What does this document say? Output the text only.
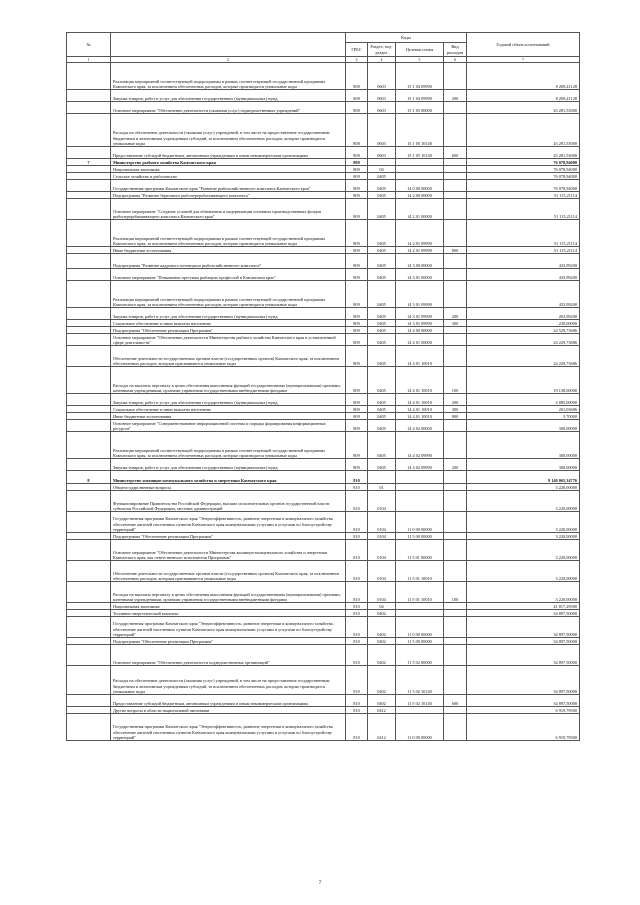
№		Коды				Годовой объем ассигнований
		ГРБС	Раздел, под-раздел	Целевая статья	Вид расходов	
1	2	3	4	5	6	7
	Реализация мероприятий соответствующей подпрограммы в рамках соответствующей государственной программы Камчатского края, за исключением обеспеченных расходов, которые производятся уникальные коды	808	0603	15 1 04 09990		8 208,41128
	Закупка товаров, работ и услуг для обеспечения государственных (муниципальных) нужд	808	0603	15 1 04 09990	200	8 208,41128
	Основное мероприятие "Обеспечение деятельности (оказания услуг) подведомственных учреждений"	808	0603	15 1 05 00000		43 281,53000
	Расходы на обеспечение деятельности (оказания услуг) учреждений, в том числе на предоставление государственным бюджетным и автономным учреждениям субсидий, за исключением обеспеченных расходов, которые производятся уникальные коды	808	0603	15 1 05 10140		43 281,53000
	Предоставление субсидий бюджетным, автономным учреждениям и иным некоммерческим организациям	808	0603	15 1 05 10140	600	43 281,53000
7	Министерство рыбного хозяйства Камчатского края	809				76 078,94000
	Национальная экономика	809	04			76 078,94000
	Сельское хозяйство и рыболовство	809	0405			76 078,94000
	Государственная программа Камчатского края "Развитие рыбохозяйственного комплекса Камчатского края"	809	0405	14 0 00 00000		76 078,94000
	Подпрограмма "Развитие берегового рыбоперерабатывающего комплекса"	809	0405	14 2 00 00000		51 115,21114
	Основное мероприятие "Создание условий для обновления и модернизации основных производственных фондов рыбоперерабатывающего комплекса Камчатского края"	809	0405	14 2 01 00000		51 115,21114
	Реализация мероприятий соответствующей подпрограммы в рамках соответствующей государственной программы Камчатского края, за исключением обеспеченных расходов, которые производятся уникальные коды	809	0405	14 2 01 09990		51 115,21114
	Иные бюджетные ассигнования	809	0405	14 2 01 09990	800	51 115,21114
	Подпрограмма "Развитие кадрового потенциала рыбохозяйственного комплекса"	809	0405	14 3 00 00000		433,99200
	Основное мероприятие "Повышение престижа рыбацких профессий в Камчатском крае"	809	0405	14 3 01 00000		433,99200
	Реализация мероприятий соответствующей подпрограммы в рамках соответствующей государственной программы Камчатского края, за исключением обеспеченных расходов, которые производятся уникальные коды	809	0405	14 3 01 09990		433,99200
	Закупка товаров, работ и услуг для обеспечения государственных (муниципальных) нужд	809	0405	14 3 01 09990	200	203,99200
	Социальное обеспечение и иные выплаты населению	809	0405	14 3 01 09990	300	230,00000
	Подпрограмма "Обеспечение реализации Программы"	809	0405	14 4 00 00000		24 529,73686
	Основное мероприятие "Обеспечение деятельности Министерства рыбного хозяйства Камчатского края в установленной сфере деятельности"	809	0405	14 4 01 00000		24 229,73686
	Обеспечение деятельности государственных органов власти (государственных органов) Камчатского края, за исключением обеспеченных расходов, которым присваиваются уникальные коды	809	0405	14 4 01 10010		24 229,73686
	Расходы на выплаты персоналу в целях обеспечения выполнения функций государственными (муниципальными) органами, казенными учреждениями, органами управления государственными внебюджетными фондами	809	0405	14 4 01 10010	100	19 138,00000
	Закупка товаров, работ и услуг для обеспечения государственных (муниципальных) нужд	809	0405	14 4 01 10010	200	4 885,00000
	Социальное обеспечение и иные выплаты населению	809	0405	14 4 01 10010	300	201,03686
	Иные бюджетные ассигнования	809	0405	14 4 01 10010	800	5,70000
	Основное мероприятие "Совершенствование информационной системы и порядка формирования информационных ресурсов"	809	0405	14 4 02 00000		300,00000
	Реализация мероприятий соответствующей подпрограммы в рамках соответствующей государственной программы Камчатского края, за исключением обеспеченных расходов, которые производятся уникальные коды	809	0405	14 4 02 09990		300,00000
	Закупка товаров, работ и услуг для обеспечения государственных (муниципальных) нужд	809	0405	14 4 02 09990	200	300,00000
8	Министерство жилищно-коммунального хозяйства и энергетики Камчатского края	810				9 140 065,34776
	Общегосударственные вопросы	810	01			3 220,00000
	Функционирование Правительства Российской Федерации, высших исполнительных органов государственной власти субъектов Российской Федерации, местных администраций	810	0104			3 220,00000
	Государственная программа Камчатского края "Энергоэффективность, развитие энергетики и коммунального хозяйства, обеспечение жителей населенных пунктов Камчатского края коммунальными услугами и услугами по благоустройству территорий"	810	0104	11 0 00 00000		3 220,00000
	Подпрограмма "Обеспечение реализации Программы"	810	0104	11 5 00 00000		3 220,00000
	Основное мероприятие "Обеспечение деятельности Министерства жилищно-коммунального хозяйства и энергетики Камчатского края, как ответственного исполнителя Программы"	810	0104	11 5 01 00000		3 220,00000
	Обеспечение деятельности государственных органов власти (государственных органов) Камчатского края, за исключением обеспеченных расходов, которым присваиваются уникальные коды	810	0104	11 5 01 10010		3 220,00000
	Расходы на выплаты персоналу в целях обеспечения выполнения функций государственными (муниципальными) органами, казенными учреждениями, органами управления государственными внебюджетными фондами	810	0104	11 5 01 10010	100	3 220,00000
	Национальная экономика	810	04			41 817,29500
	Топливно-энергетический комплекс	810	0402			34 897,50000
	Государственная программа Камчатского края "Энергоэффективность, развитие энергетики и коммунального хозяйства, обеспечение жителей населенных пунктов Камчатского края коммунальными услугами и услугами по благоустройству территорий"	810	0402	11 0 00 00000		34 897,50000
	Подпрограмма "Обеспечение реализации Программы"	810	0402	11 5 00 00000		34 897,50000
	Основное мероприятие "Обеспечение деятельности подведомственных организаций"	810	0402	11 5 02 00000		34 897,50000
	Расходы на обеспечение деятельности (оказания услуг) учреждений, в том числе на предоставление государственным бюджетным и автономным учреждениям субсидий, за исключением обеспеченных расходов, которые производятся уникальные коды	810	0402	11 5 02 10140		34 897,50000
	Предоставление субсидий бюджетным, автономным учреждениям и иным некоммерческим организациям	810	0402	11 5 02 10140	600	34 897,50000
	Другие вопросы в области национальной экономики	810	0412			6 919,79500
	Государственная программа Камчатского края "Энергоэффективность, развитие энергетики и коммунального хозяйства, обеспечение жителей населенных пунктов Камчатского края коммунальными услугами и услугами по благоустройству территорий"	810	0412	11 0 00 00000		6 919,79500
7
